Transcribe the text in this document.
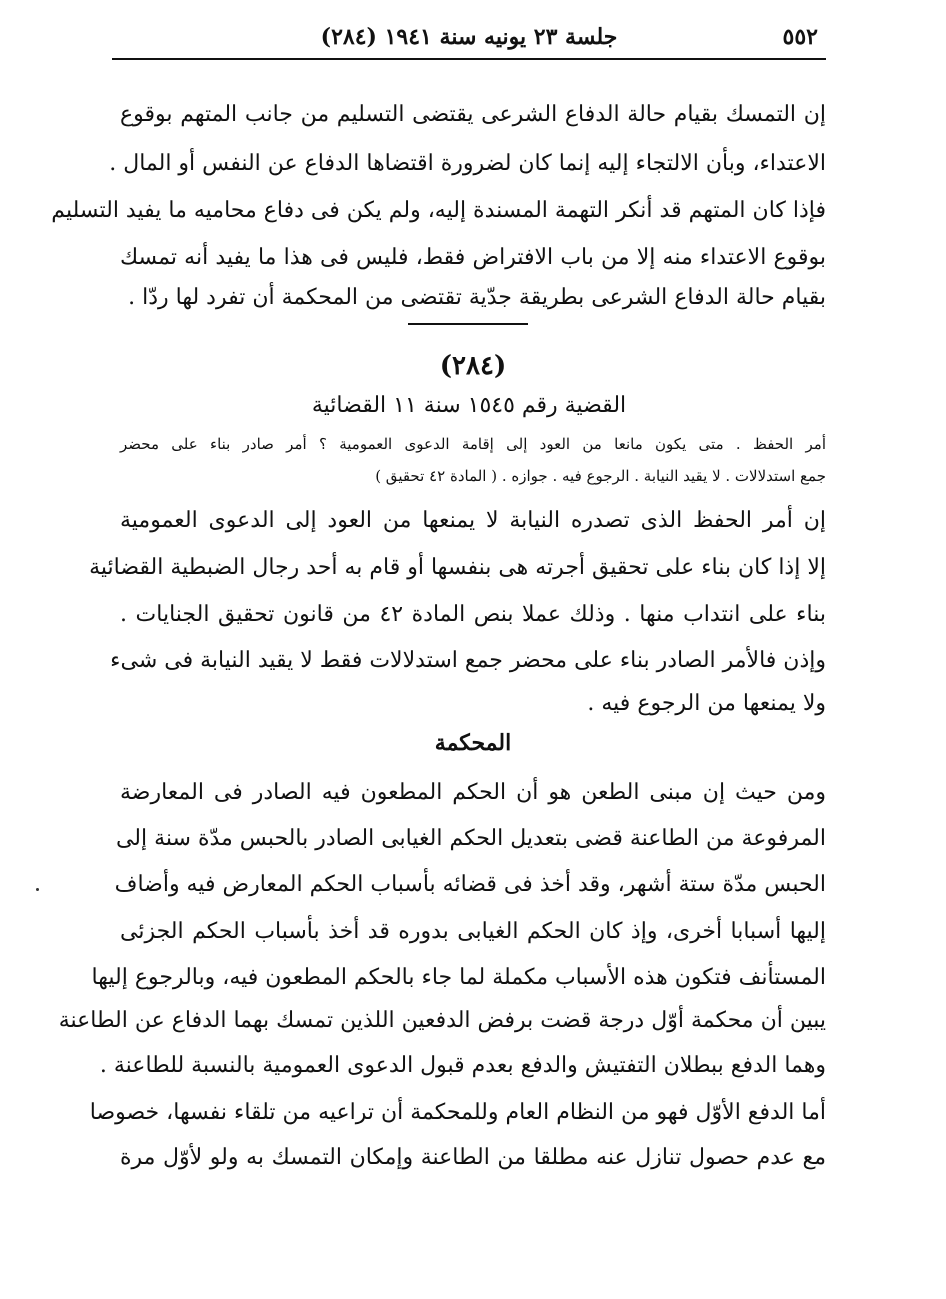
٥٥٢
جلسة ٢٣ يونيه سنة ١٩٤١ (٢٨٤)
إن التمسك بقيام حالة الدفاع الشرعى يقتضى التسليم من جانب المتهم بوقوع
الاعتداء، وبأن الالتجاء إليه إنما كان لضرورة اقتضاها الدفاع عن النفس أو المال .
فإذا كان المتهم قد أنكر التهمة المسندة إليه، ولم يكن فى دفاع محاميه ما يفيد التسليم
بوقوع الاعتداء منه إلا من باب الافتراض فقط، فليس فى هذا ما يفيد أنه تمسك
بقيام حالة الدفاع الشرعى بطريقة جدّية تقتضى من المحكمة أن تفرد لها ردّا .
(٢٨٤)
القضية رقم ١٥٤٥ سنة ١١ القضائية
أمر الحفظ . متى يكون مانعا من العود إلى إقامة الدعوى العمومية ؟ أمر صادر بناء على محضر
جمع استدلالات . لا يقيد النيابة . الرجوع فيه . جوازه . ( المادة ٤٢ تحقيق )
إن أمر الحفظ الذى تصدره النيابة لا يمنعها من العود إلى الدعوى العمومية
إلا إذا كان بناء على تحقيق أجرته هى بنفسها أو قام به أحد رجال الضبطية القضائية
بناء على انتداب منها . وذلك عملا بنص المادة ٤٢ من قانون تحقيق الجنايات .
وإذن فالأمر الصادر بناء على محضر جمع استدلالات فقط لا يقيد النيابة فى شىء
ولا يمنعها من الرجوع فيه .
المحكمة
ومن حيث إن مبنى الطعن هو أن الحكم المطعون فيه الصادر فى المعارضة
المرفوعة من الطاعنة قضى بتعديل الحكم الغيابى الصادر بالحبس مدّة سنة إلى
الحبس مدّة ستة أشهر، وقد أخذ فى قضائه بأسباب الحكم المعارض فيه وأضاف
إليها أسبابا أخرى، وإذ كان الحكم الغيابى بدوره قد أخذ بأسباب الحكم الجزئى
المستأنف فتكون هذه الأسباب مكملة لما جاء بالحكم المطعون فيه، وبالرجوع إليها
يبين أن محكمة أوّل درجة قضت برفض الدفعين اللذين تمسك بهما الدفاع عن الطاعنة
وهما الدفع ببطلان التفتيش والدفع بعدم قبول الدعوى العمومية بالنسبة للطاعنة .
أما الدفع الأوّل فهو من النظام العام وللمحكمة أن تراعيه من تلقاء نفسها، خصوصا
مع عدم حصول تنازل عنه مطلقا من الطاعنة وإمكان التمسك به ولو لأوّل مرة
